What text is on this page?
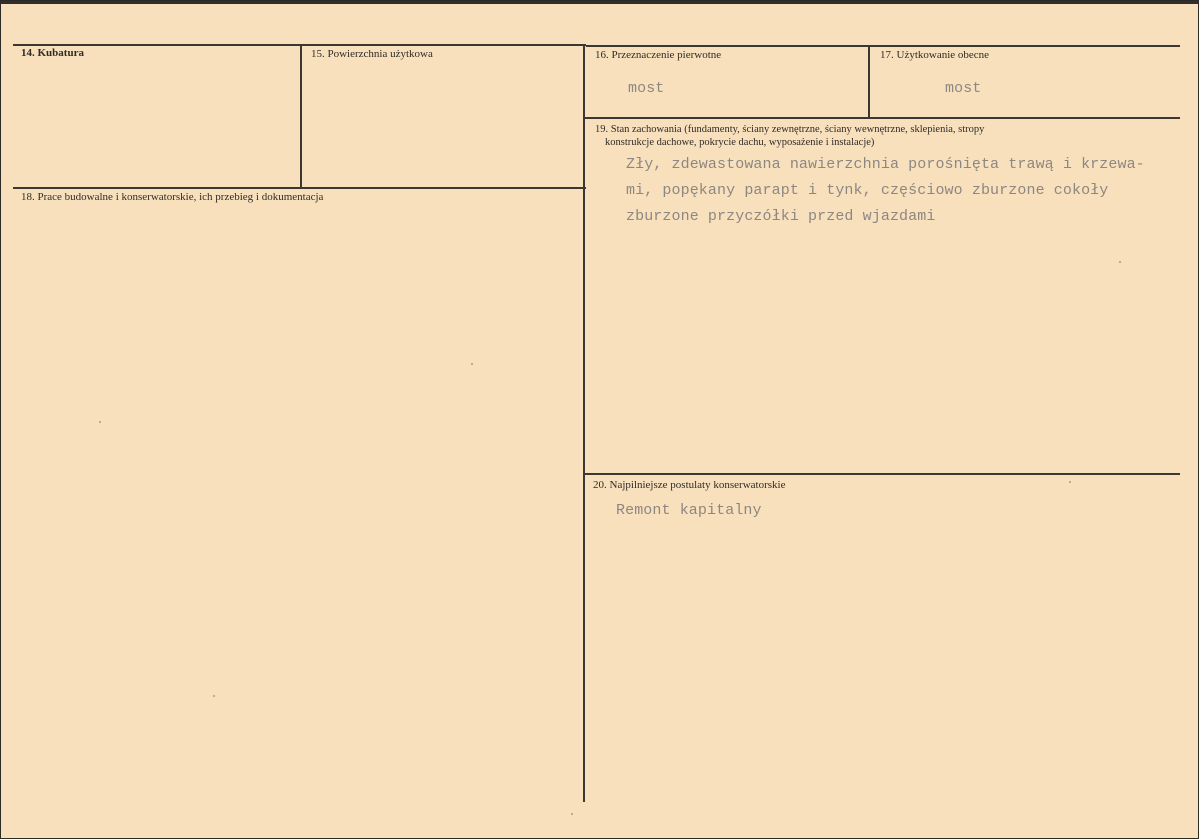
14. Kubatura	15. Powierzchnia użytkowa	16. Przeznaczenie pierwotne
most
17. Użytkowanie obecne
most
18. Prace budowalne i konserwatorskie, ich przebieg i dokumentacja
19. Stan zachowania (fundamenty, ściany zewnętrzne, ściany wewnętrzne, sklepienia, stropy
konstrukcje dachowe, pokrycie dachu, wyposażenie i instalacje)
Zły, zdewastowana nawierzchnia porośnięta trawą i krzewa-
mi, popękany parapt i tynk, częściowo zburzone cokoły
zburzone przyczółki przed wjazdami
20. Najpilniejsze postulaty konserwatorskie
Remont kapitalny
